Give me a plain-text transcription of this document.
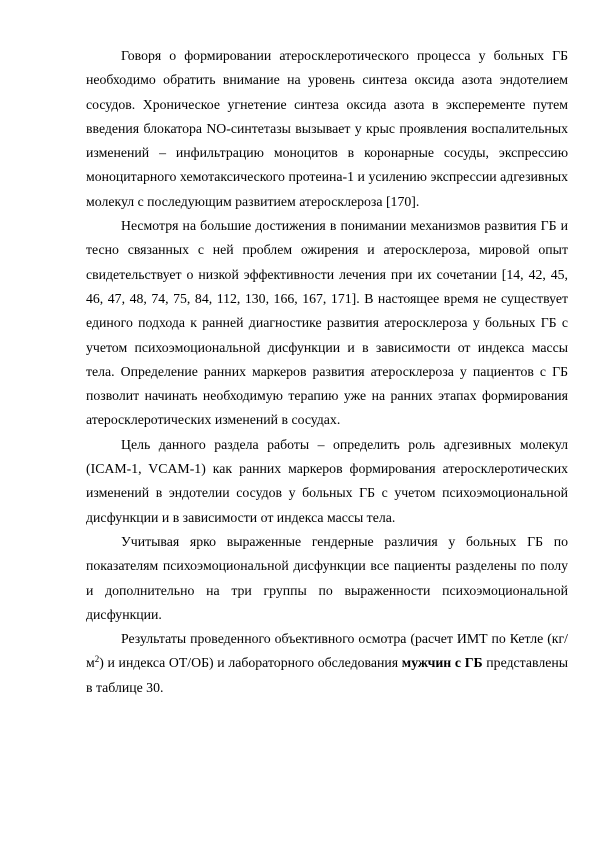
Говоря о формировании атеросклеротического процесса у больных ГБ необходимо обратить внимание на уровень синтеза оксида азота эндотелием сосудов. Хроническое угнетение синтеза оксида азота в эксперементе путем введения блокатора NO-синтетазы вызывает у крыс проявления воспалительных изменений – инфильтрацию моноцитов в коронарные сосуды, экспрессию моноцитарного хемотаксического протеина-1 и усилению экспрессии адгезивных молекул с последующим развитием атеросклероза [170].

Несмотря на большие достижения в понимании механизмов развития ГБ и тесно связанных с ней проблем ожирения и атеросклероза, мировой опыт свидетельствует о низкой эффективности лечения при их сочетании [14, 42, 45, 46, 47, 48, 74, 75, 84, 112, 130, 166, 167, 171]. В настоящее время не существует единого подхода к ранней диагностике развития атеросклероза у больных ГБ с учетом психоэмоциональной дисфункции и в зависимости от индекса массы тела. Определение ранних маркеров развития атеросклероза у пациентов с ГБ позволит начинать необходимую терапию уже на ранних этапах формирования атеросклеротических изменений в сосудах.

Цель данного раздела работы – определить роль адгезивных молекул (ICAM-1, VCAM-1) как ранних маркеров формирования атеросклеротических изменений в эндотелии сосудов у больных ГБ с учетом психоэмоциональной дисфункции и в зависимости от индекса массы тела.

Учитывая ярко выраженные гендерные различия у больных ГБ по показателям психоэмоциональной дисфункции все пациенты разделены по полу и дополнительно на три группы по выраженности психоэмоциональной дисфункции.

Результаты проведенного объективного осмотра (расчет ИМТ по Кетле $(кг/м^2)$ и индекса ОТ/ОБ) и лабораторного обследования мужчин с ГБ представлены в таблице 30.
